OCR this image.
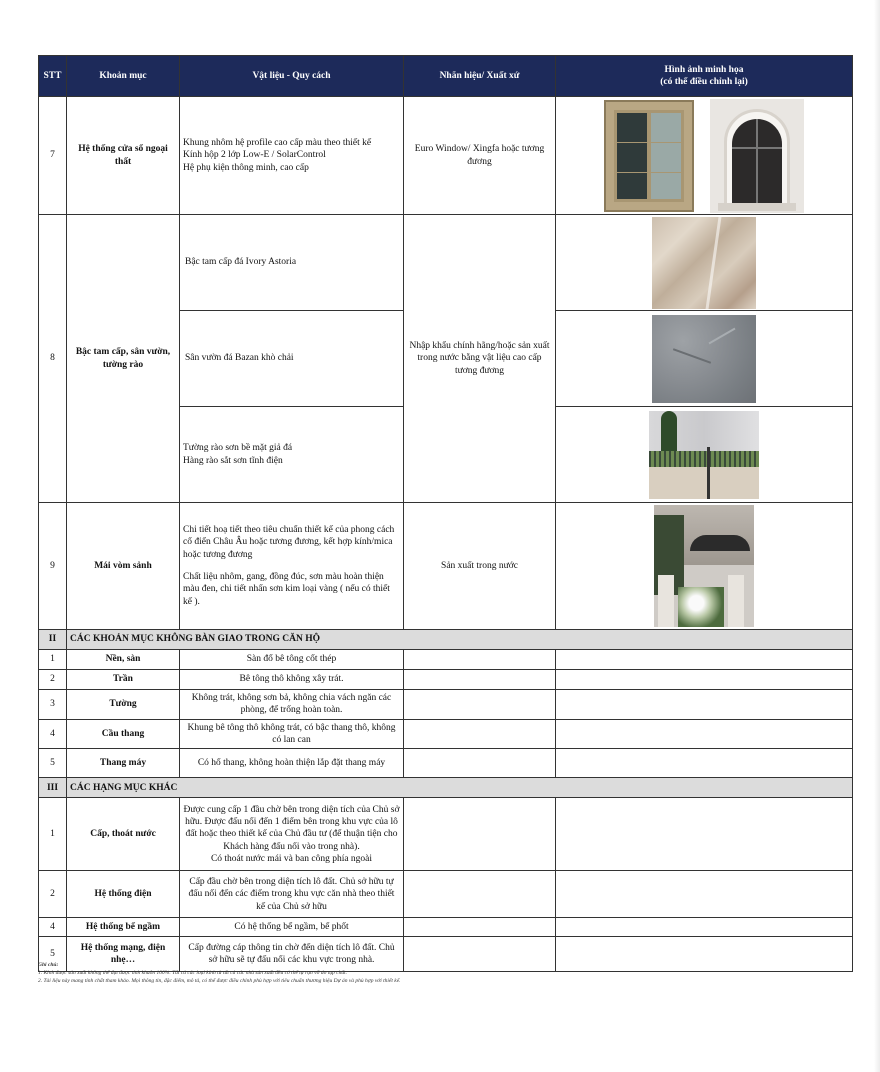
STT	Khoản mục	Vật liệu - Quy cách	Nhãn hiệu/ Xuất xứ	Hình ảnh minh họa
(có thể điều chỉnh lại)

7	Hệ thống cửa sổ ngoại thất	Khung nhôm hệ profile cao cấp màu theo thiết kế
Kính hộp 2 lớp Low-E / SolarControl
Hệ phụ kiện thông minh, cao cấp	Euro Window/ Xingfa hoặc tương đương	

8	Bậc tam cấp, sân vườn, tường rào	Bậc tam cấp đá Ivory Astoria	Nhập khẩu chính hãng/hoặc sản xuất trong nước bằng vật liệu cao cấp tương đương	

		Sân vườn đá Bazan khò chải		

		Tường rào sơn bề mặt giả đá
Hàng rào sắt sơn tĩnh điện		

9	Mái vòm sảnh	Chi tiết hoạ tiết theo tiêu chuẩn thiết kế của phong cách cổ điển Châu Âu hoặc tương đương, kết hợp kính/mica hoặc tương đương
Chất liệu nhôm, gang, đồng đúc, sơn màu hoàn thiện màu đen, chi tiết nhấn sơn kim loại vàng ( nếu có thiết kế ).	Sản xuất trong nước	

II	CÁC KHOẢN MỤC KHÔNG BÀN GIAO TRONG CĂN HỘ			
1	Nền, sàn	Sàn đổ bê tông cốt thép		
2	Trần	Bê tông thô không xây trát.		
3	Tường	Không trát, không sơn bả, không chia vách ngăn các phòng, để trống hoàn toàn.		
4	Cầu thang	Khung bê tông thô không trát, có bậc thang thô, không có lan can		
5	Thang máy	Có hố thang, không hoàn thiện lắp đặt thang máy		
III	CÁC HẠNG MỤC KHÁC			
1	Cấp, thoát nước	Được cung cấp 1 đầu chờ bên trong diện tích của Chủ sở hữu. Được đấu nối đến 1 điểm bên trong khu vực của lô đất hoặc theo thiết kế của Chủ đầu tư (để thuận tiện cho Khách hàng đấu nối vào trong nhà).
Có thoát nước mái và ban công phía ngoài		

2	Hệ thống điện	Cấp đầu chờ bên trong diện tích lô đất. Chủ sở hữu tự đấu nối đến các điểm trong khu vực căn nhà theo thiết kế của Chủ sở hữu		
4	Hệ thống bể ngầm	Có hệ thống bể ngầm, bể phốt		
5	Hệ thống mạng, điện nhẹ…	Cấp đường cáp thông tin chờ đến diện tích lô đất. Chủ sở hữu sẽ tự đấu nối các khu vực trong nhà.		
Ghi chú:
1. Kính được sản xuất không thể đạt được tính khuôn 100%. Tất cả các loại kính từ tất cả các nhà sản xuất đều có thể tự rạn vỡ do tạp chất.
2. Tài liệu này mang tính chất tham khảo. Mọi thông tin, đặc điểm, mô tả, có thể được điều chỉnh phù hợp với tiêu chuẩn thương hiệu Dự án và phù hợp với thiết kế.
